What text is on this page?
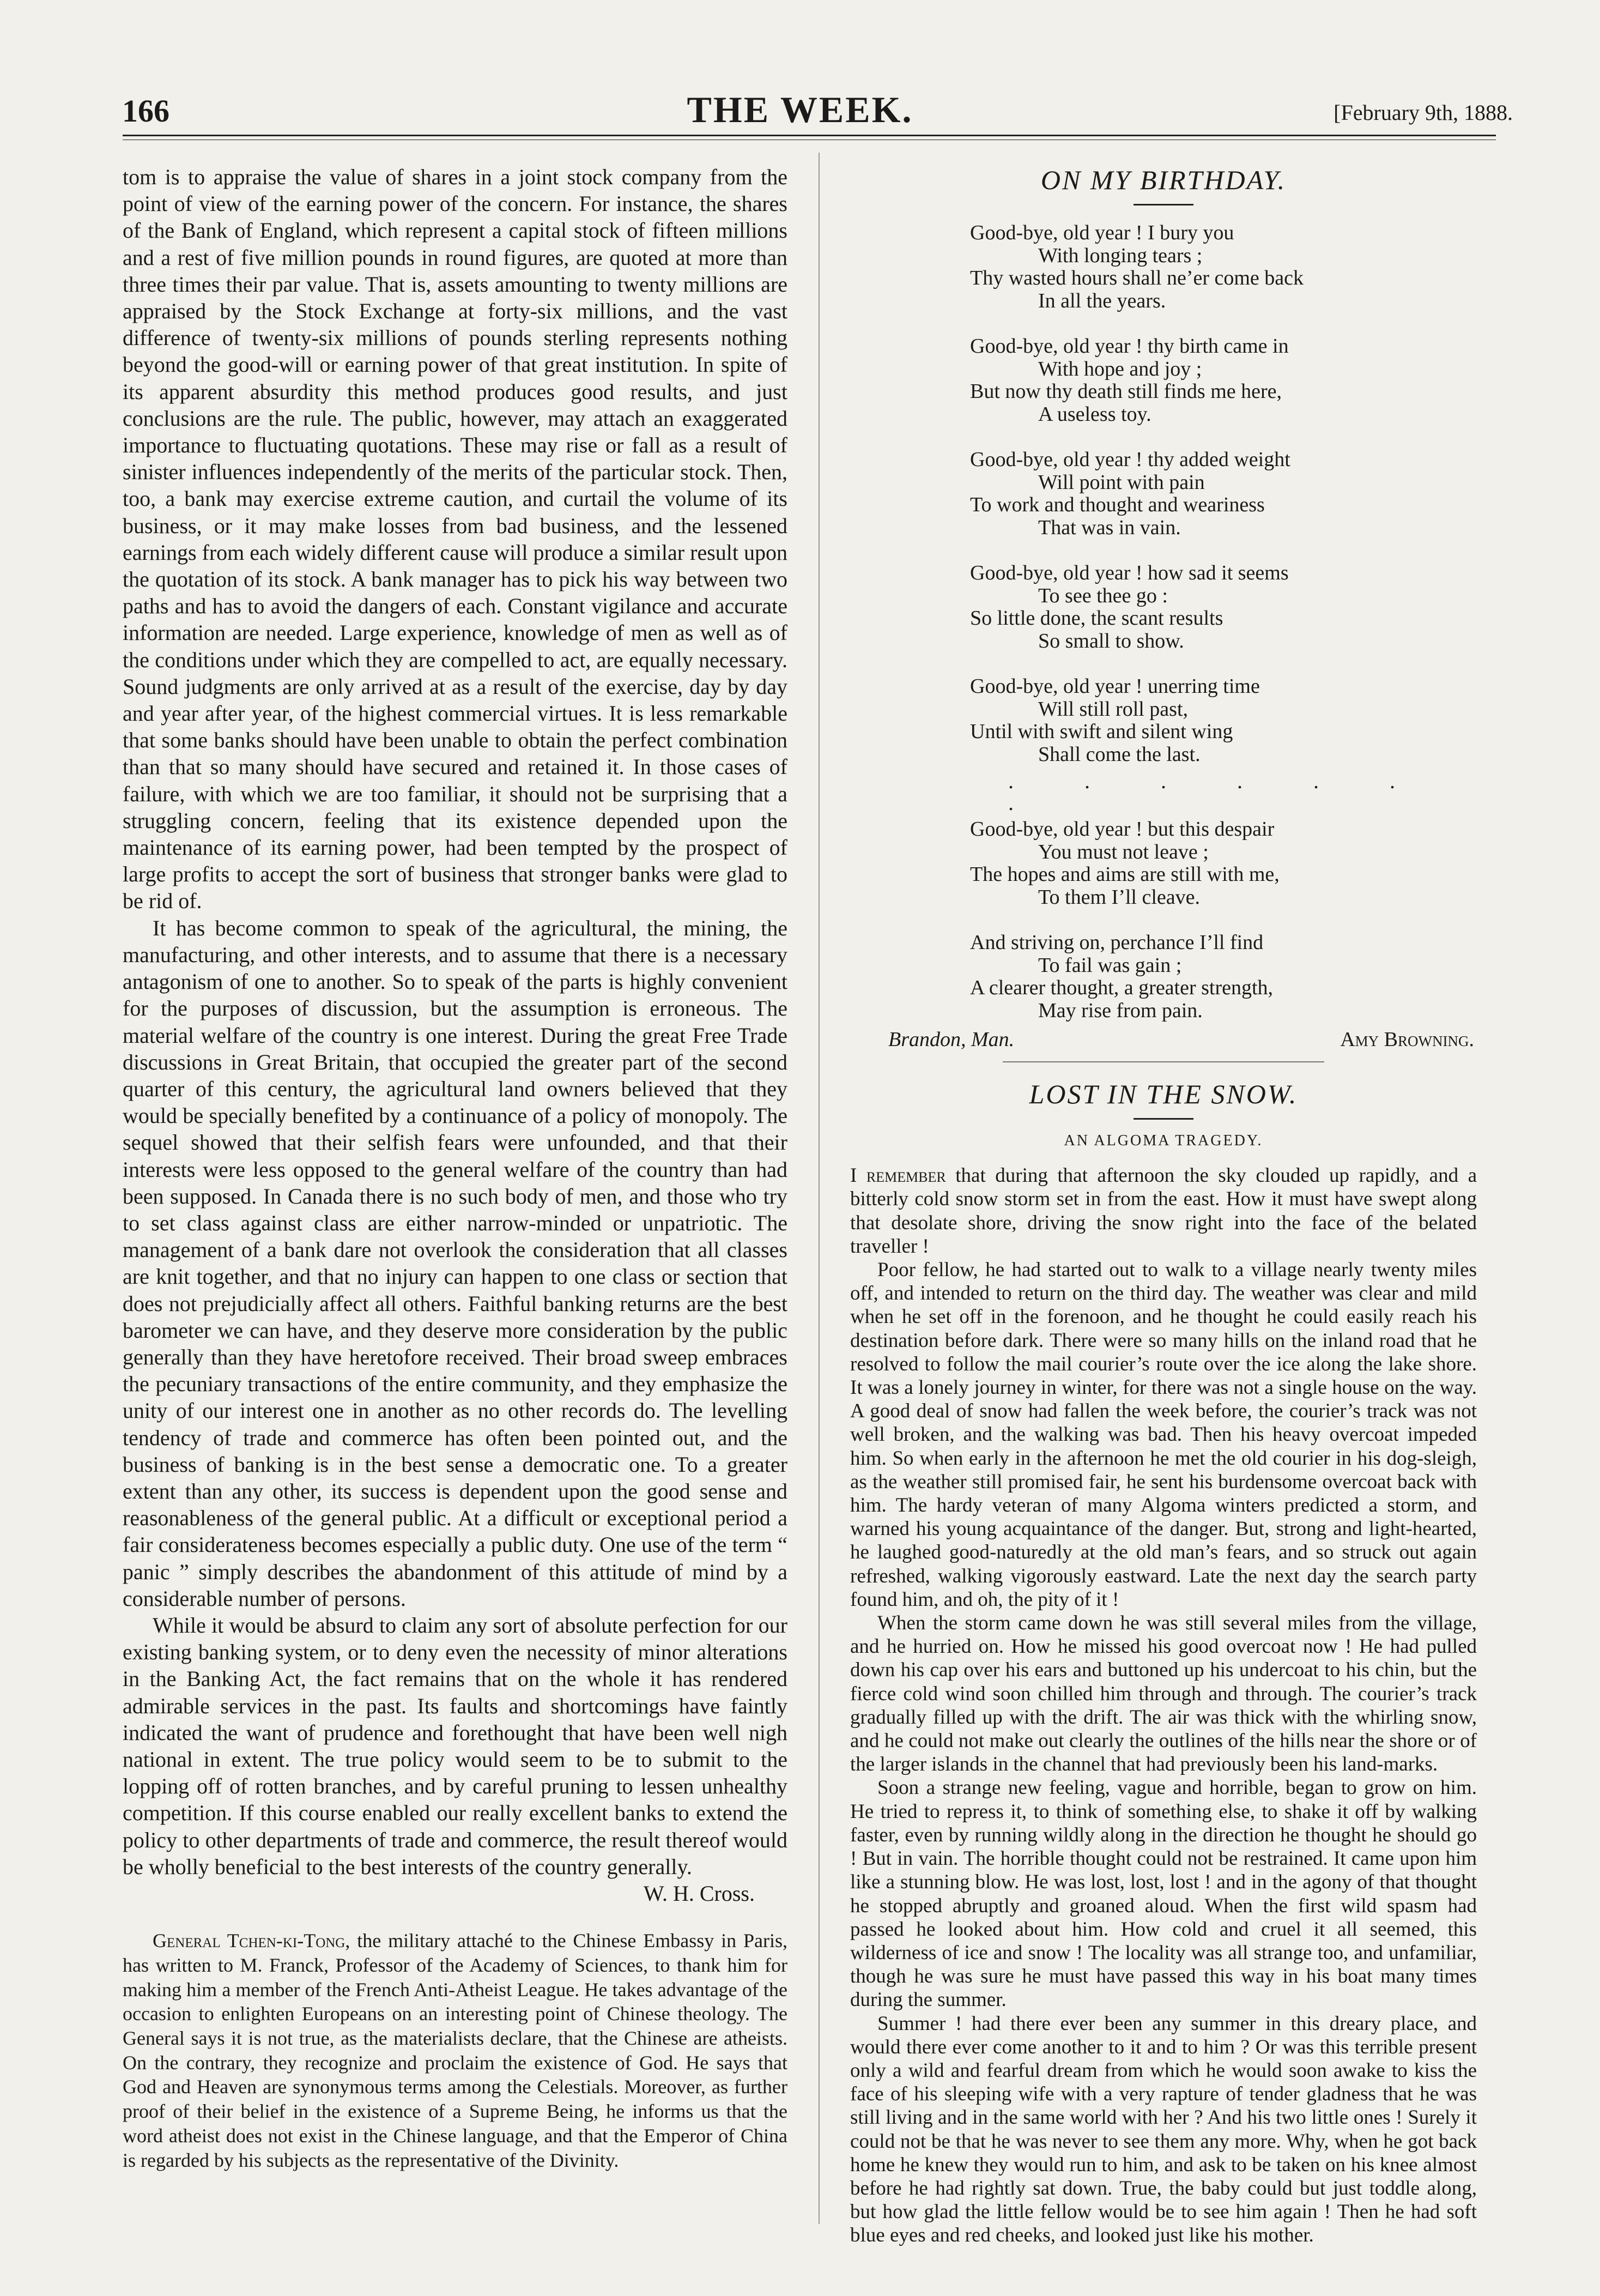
166	THE WEEK.	[February 9th, 1888.

tom is to appraise the value of shares in a joint stock company from the point of view of the earning power of the concern. For instance, the shares of the Bank of England, which represent a capital stock of fifteen millions and a rest of five million pounds in round figures, are quoted at more than three times their par value. That is, assets amounting to twenty millions are appraised by the Stock Exchange at forty-six millions, and the vast difference of twenty-six millions of pounds sterling represents nothing beyond the good-will or earning power of that great institution. In spite of its apparent absurdity this method produces good results, and just conclusions are the rule. The public, however, may attach an exaggerated importance to fluctuating quotations. These may rise or fall as a result of sinister influences independently of the merits of the particular stock. Then, too, a bank may exercise extreme caution, and curtail the volume of its business, or it may make losses from bad business, and the lessened earnings from each widely different cause will produce a similar result upon the quotation of its stock. A bank manager has to pick his way between two paths and has to avoid the dangers of each. Constant vigilance and accurate information are needed. Large experience, knowledge of men as well as of the conditions under which they are compelled to act, are equally necessary. Sound judgments are only arrived at as a result of the exercise, day by day and year after year, of the highest commercial virtues. It is less remarkable that some banks should have been unable to obtain the perfect combination than that so many should have secured and retained it. In those cases of failure, with which we are too familiar, it should not be surprising that a struggling concern, feeling that its existence depended upon the maintenance of its earning power, had been tempted by the prospect of large profits to accept the sort of business that stronger banks were glad to be rid of.

It has become common to speak of the agricultural, the mining, the manufacturing, and other interests, and to assume that there is a necessary antagonism of one to another. So to speak of the parts is highly convenient for the purposes of discussion, but the assumption is erroneous. The material welfare of the country is one interest. During the great Free Trade discussions in Great Britain, that occupied the greater part of the second quarter of this century, the agricultural land owners believed that they would be specially benefited by a continuance of a policy of monopoly. The sequel showed that their selfish fears were unfounded, and that their interests were less opposed to the general welfare of the country than had been supposed. In Canada there is no such body of men, and those who try to set class against class are either narrow-minded or unpatriotic. The management of a bank dare not overlook the consideration that all classes are knit together, and that no injury can happen to one class or section that does not prejudicially affect all others. Faithful banking returns are the best barometer we can have, and they deserve more consideration by the public generally than they have heretofore received. Their broad sweep embraces the pecuniary transactions of the entire community, and they emphasize the unity of our interest one in another as no other records do. The levelling tendency of trade and commerce has often been pointed out, and the business of banking is in the best sense a democratic one. To a greater extent than any other, its success is dependent upon the good sense and reasonableness of the general public. At a difficult or exceptional period a fair considerateness becomes especially a public duty. One use of the term “ panic ” simply describes the abandonment of this attitude of mind by a considerable number of persons.

While it would be absurd to claim any sort of absolute perfection for our existing banking system, or to deny even the necessity of minor alterations in the Banking Act, the fact remains that on the whole it has rendered admirable services in the past. Its faults and shortcomings have faintly indicated the want of prudence and forethought that have been well nigh national in extent. The true policy would seem to be to submit to the lopping off of rotten branches, and by careful pruning to lessen unhealthy competition. If this course enabled our really excellent banks to extend the policy to other departments of trade and commerce, the result thereof would be wholly beneficial to the best interests of the country generally.

W. H. Cross.

General Tchen-ki-Tong, the military attaché to the Chinese Embassy in Paris, has written to M. Franck, Professor of the Academy of Sciences, to thank him for making him a member of the French Anti-Atheist League. He takes advantage of the occasion to enlighten Europeans on an interesting point of Chinese theology. The General says it is not true, as the materialists declare, that the Chinese are atheists. On the contrary, they recognize and proclaim the existence of God. He says that God and Heaven are synonymous terms among the Celestials. Moreover, as further proof of their belief in the existence of a Supreme Being, he informs us that the word atheist does not exist in the Chinese language, and that the Emperor of China is regarded by his subjects as the representative of the Divinity.

ON MY BIRTHDAY.
Good-bye, old year ! I bury you
With longing tears ;
Thy wasted hours shall ne’er come back
In all the years.
Good-bye, old year ! thy birth came in
With hope and joy ;
But now thy death still finds me here,
A useless toy.
Good-bye, old year ! thy added weight
Will point with pain
To work and thought and weariness
That was in vain.
Good-bye, old year ! how sad it seems
To see thee go :
So little done, the scant results
So small to show.
Good-bye, old year ! unerring time
Will still roll past,
Until with swift and silent wing
Shall come the last.
. . . . . . .
Good-bye, old year ! but this despair
You must not leave ;
The hopes and aims are still with me,
To them I’ll cleave.
And striving on, perchance I’ll find
To fail was gain ;
A clearer thought, a greater strength,
May rise from pain.
Brandon, Man.	Amy Browning.
LOST IN THE SNOW.
AN ALGOMA TRAGEDY.

I remember that during that afternoon the sky clouded up rapidly, and a bitterly cold snow storm set in from the east. How it must have swept along that desolate shore, driving the snow right into the face of the belated traveller !

Poor fellow, he had started out to walk to a village nearly twenty miles off, and intended to return on the third day. The weather was clear and mild when he set off in the forenoon, and he thought he could easily reach his destination before dark. There were so many hills on the inland road that he resolved to follow the mail courier’s route over the ice along the lake shore. It was a lonely journey in winter, for there was not a single house on the way. A good deal of snow had fallen the week before, the courier’s track was not well broken, and the walking was bad. Then his heavy overcoat impeded him. So when early in the afternoon he met the old courier in his dog-sleigh, as the weather still promised fair, he sent his burdensome overcoat back with him. The hardy veteran of many Algoma winters predicted a storm, and warned his young acquaintance of the danger. But, strong and light-hearted, he laughed good-naturedly at the old man’s fears, and so struck out again refreshed, walking vigorously eastward. Late the next day the search party found him, and oh, the pity of it !

When the storm came down he was still several miles from the village, and he hurried on. How he missed his good overcoat now ! He had pulled down his cap over his ears and buttoned up his undercoat to his chin, but the fierce cold wind soon chilled him through and through. The courier’s track gradually filled up with the drift. The air was thick with the whirling snow, and he could not make out clearly the outlines of the hills near the shore or of the larger islands in the channel that had previously been his land-marks.

Soon a strange new feeling, vague and horrible, began to grow on him. He tried to repress it, to think of something else, to shake it off by walking faster, even by running wildly along in the direction he thought he should go ! But in vain. The horrible thought could not be restrained. It came upon him like a stunning blow. He was lost, lost, lost ! and in the agony of that thought he stopped abruptly and groaned aloud. When the first wild spasm had passed he looked about him. How cold and cruel it all seemed, this wilderness of ice and snow ! The locality was all strange too, and unfamiliar, though he was sure he must have passed this way in his boat many times during the summer.

Summer ! had there ever been any summer in this dreary place, and would there ever come another to it and to him ? Or was this terrible present only a wild and fearful dream from which he would soon awake to kiss the face of his sleeping wife with a very rapture of tender gladness that he was still living and in the same world with her ? And his two little ones ! Surely it could not be that he was never to see them any more. Why, when he got back home he knew they would run to him, and ask to be taken on his knee almost before he had rightly sat down. True, the baby could but just toddle along, but how glad the little fellow would be to see him again ! Then he had soft blue eyes and red cheeks, and looked just like his mother.
